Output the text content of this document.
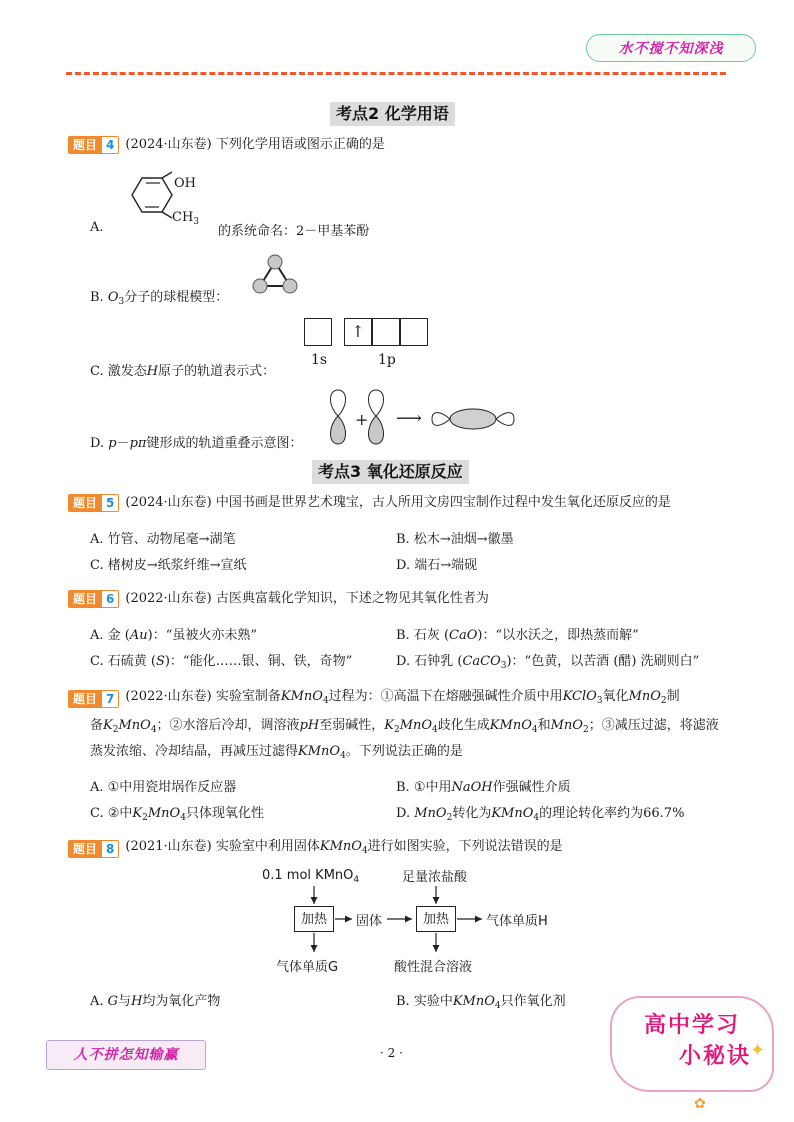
水不搅不知深浅
考点2 化学用语
题目 4 (2024·山东卷) 下列化学用语或图示正确的是
A.
OH
$CH_3$
的系统命名：2－甲基苯酚
B. $O_3$分子的球棍模型：
C. 激发态H原子的轨道表示式：
↑
1s	1p
D. p－pπ键形成的轨道重叠示意图：
+ ⟶
考点3 氧化还原反应
题目 5 (2024·山东卷) 中国书画是世界艺术瑰宝，古人所用文房四宝制作过程中发生氧化还原反应的是
A. 竹管、动物尾毫→湖笔	B. 松木→油烟→徽墨
C. 楮树皮→纸浆纤维→宣纸	D. 端石→端砚
题目 6 (2022·山东卷) 古医典富载化学知识，下述之物见其氧化性者为
A. 金 (Au)：“虽被火亦未熟”	B. 石灰 (CaO)：“以水沃之，即热蒸而解”
C. 石硫黄 (S)：“能化……银、铜、铁，奇物”	D. 石钟乳 (CaCO$_3$)：“色黄，以苦酒 (醋) 洗刷则白”
题目 7 (2022·山东卷) 实验室制备KMnO$_4$过程为：①高温下在熔融强碱性介质中用KClO$_3$氧化MnO$_2$制
备$K_2MnO_4$；②水溶后冷却，调溶液pH至弱碱性，$K_2MnO_4$歧化生成KMnO$_4$和MnO$_2$；③减压过滤，将滤液
蒸发浓缩、冷却结晶，再减压过滤得KMnO$_4$。下列说法正确的是
A. ①中用瓷坩埚作反应器	B. ①中用NaOH作强碱性介质
C. ②中$K_2MnO_4$只体现氧化性	D. MnO$_2$转化为KMnO$_4$的理论转化率约为66.7%
题目 8 (2021·山东卷) 实验室中利用固体KMnO$_4$进行如图实验，下列说法错误的是
0.1 mol KMnO$_4$	足量浓盐酸
加热	固体	加热	气体单质H
气体单质G	酸性混合溶液
A. G与H均为氧化产物	B. 实验中KMnO$_4$只作氧化剂
人不拼怎知输赢	· 2 ·
高中学习
小秘诀 ✦
✿
